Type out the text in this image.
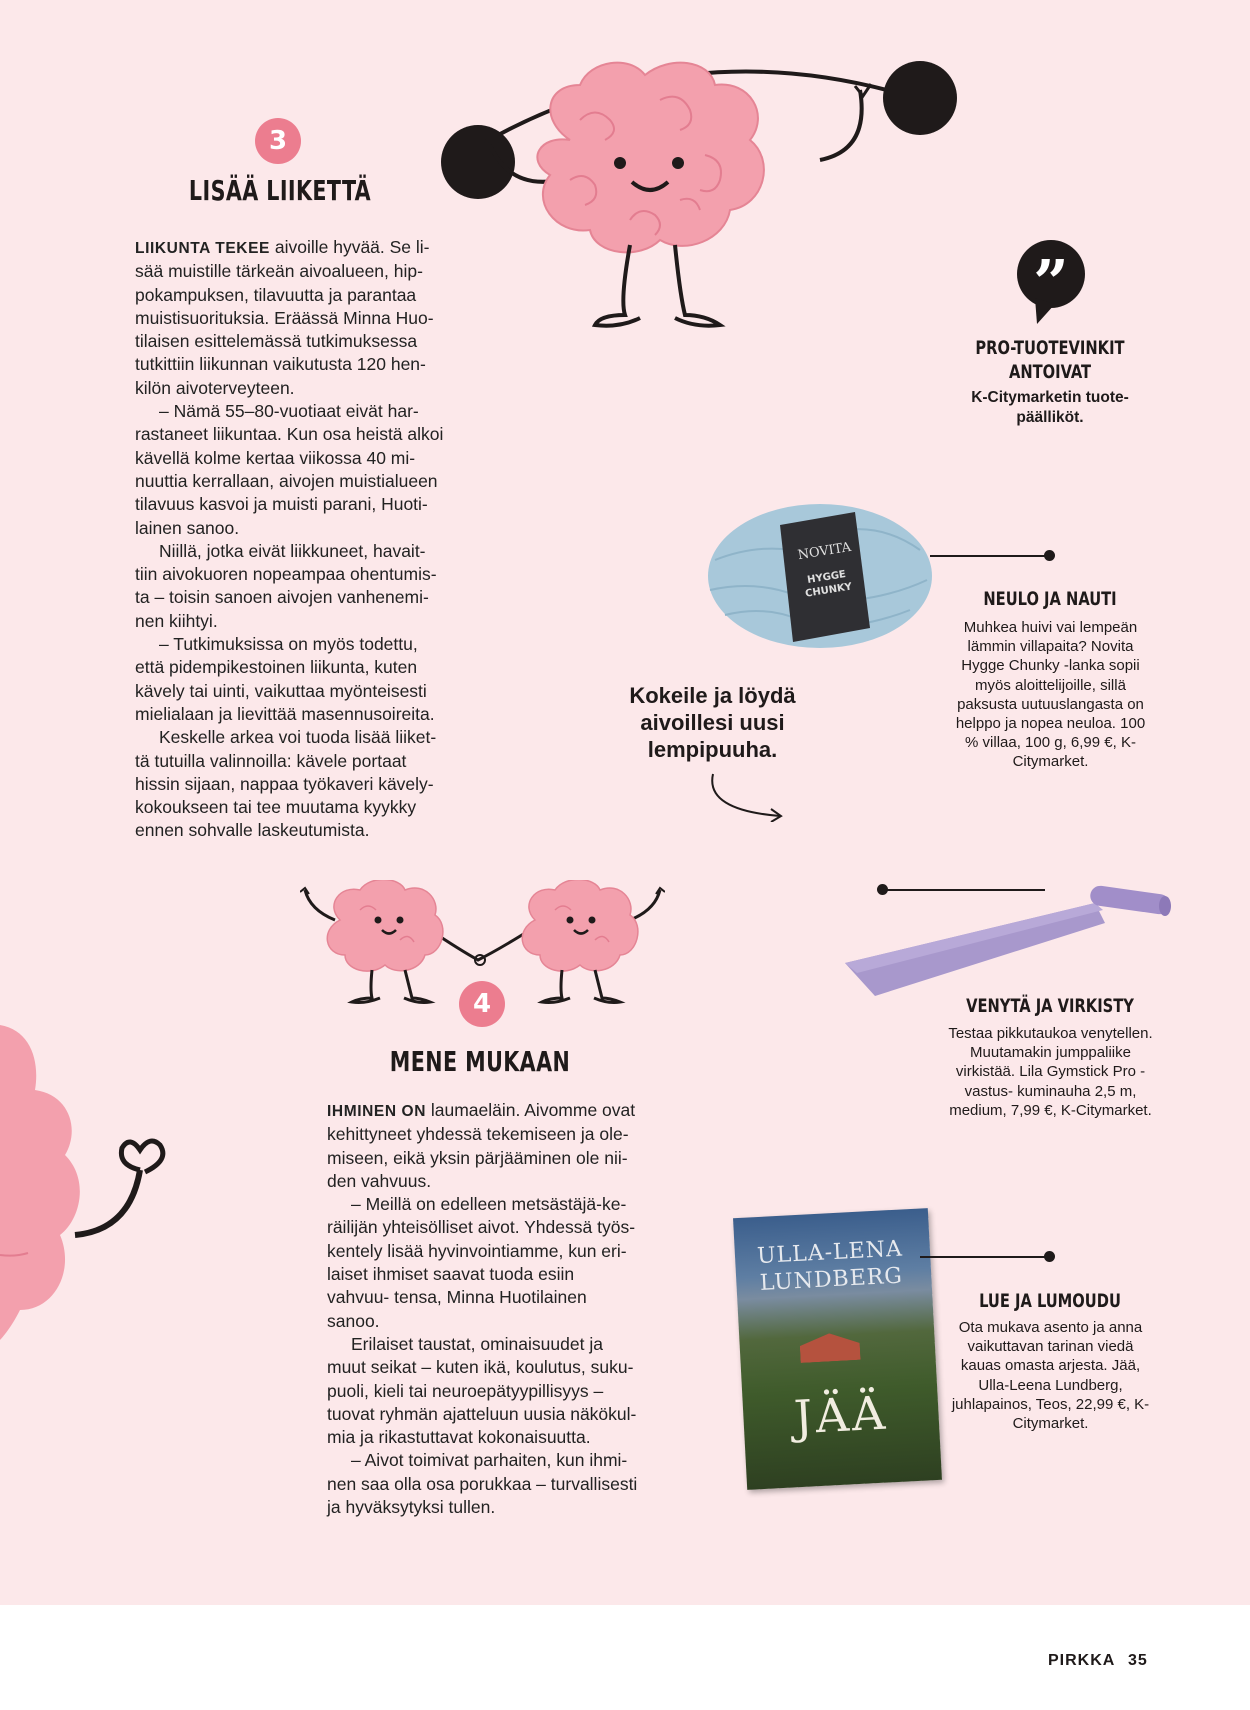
3
LISÄÄ LIIKETTÄ

LIIKUNTA TEKEE aivoille hyvää. Se li- sää muistille tärkeän aivoalueen, hip- pokampuksen, tilavuutta ja parantaa muistisuorituksia. Eräässä Minna Huo- tilaisen esittelemässä tutkimuksessa tutkittiin liikunnan vaikutusta 120 hen- kilön aivoterveyteen.

– Nämä 55–80-vuotiaat eivät har- rastaneet liikuntaa. Kun osa heistä alkoi kävellä kolme kertaa viikossa 40 mi- nuuttia kerrallaan, aivojen muistialueen tilavuus kasvoi ja muisti parani, Huoti- lainen sanoo.

Niillä, jotka eivät liikkuneet, havait- tiin aivokuoren nopeampaa ohentumis- ta – toisin sanoen aivojen vanhenemi- nen kiihtyi.

– Tutkimuksissa on myös todettu, että pidempikestoinen liikunta, kuten kävely tai uinti, vaikuttaa myönteisesti mielialaan ja lievittää masennusoireita.

Keskelle arkea voi tuoda lisää liiket- tä tutuilla valinnoilla: kävele portaat hissin sijaan, nappaa työkaveri kävely- kokoukseen tai tee muutama kyykky ennen sohvalle laskeutumista.

”
PRO-TUOTEVINKIT ANTOIVAT
K-Citymarketin tuote- päälliköt.
NOVITA
HYGGE
CHUNKY	NEULO JA NAUTI
Muhkea huivi vai lempeän lämmin villapaita? Novita Hygge Chunky -lanka sopii myös aloittelijoille, sillä paksusta uutuuslangasta on helppo ja nopea neuloa. 100 % villaa, 100 g, 6,99 €, K-Citymarket.
Kokeile ja löydä aivoillesi uusi lempipuuha.
4
MENE MUKAAN

IHMINEN ON laumaeläin. Aivomme ovat kehittyneet yhdessä tekemiseen ja ole- miseen, eikä yksin pärjääminen ole nii- den vahvuus.

– Meillä on edelleen metsästäjä-ke- räilijän yhteisölliset aivot. Yhdessä työs- kentely lisää hyvinvointiamme, kun eri- laiset ihmiset saavat tuoda esiin vahvuu- tensa, Minna Huotilainen sanoo.

Erilaiset taustat, ominaisuudet ja muut seikat – kuten ikä, koulutus, suku- puoli, kieli tai neuroepätyypillisyys – tuovat ryhmän ajatteluun uusia näkökul- mia ja rikastuttavat kokonaisuutta.

– Aivot toimivat parhaiten, kun ihmi- nen saa olla osa porukkaa – turvallisesti ja hyväksytyksi tullen.

VENYTÄ JA VIRKISTY
Testaa pikkutaukoa venytellen. Muutamakin jumppaliike virkistää. Lila Gymstick Pro -vastus- kuminauha 2,5 m, medium, 7,99 €, K-Citymarket.
ULLA-LENA LUNDBERG
JÄÄ
LUE JA LUMOUDU
Ota mukava asento ja anna vaikuttavan tarinan viedä kauas omasta arjesta. Jää, Ulla-Leena Lundberg, juhlapainos, Teos, 22,99 €, K-Citymarket.
PIRKKA 35
